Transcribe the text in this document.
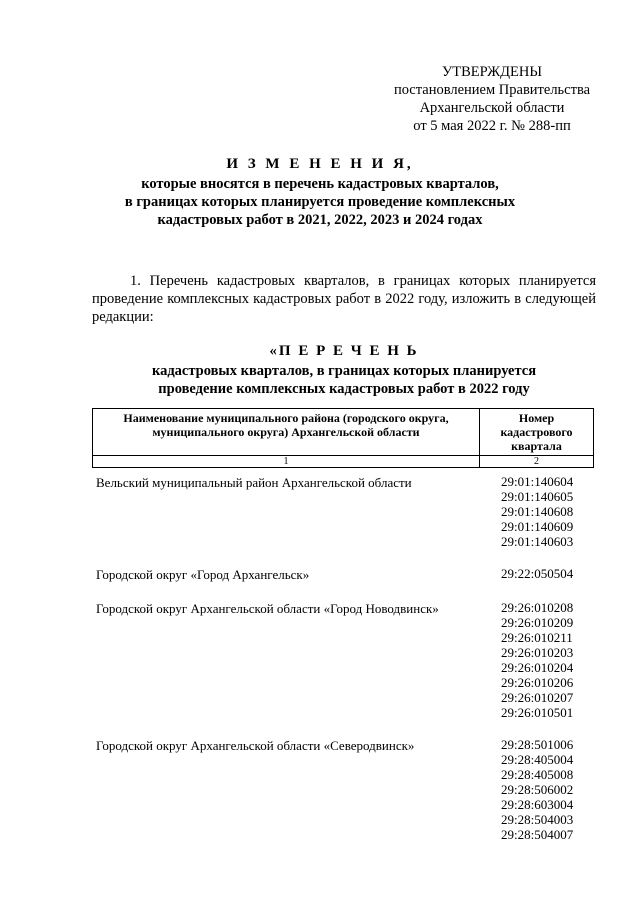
УТВЕРЖДЕНЫ
постановлением Правительства
Архангельской области
от 5 мая 2022 г. № 288-пп
И З М Е Н Е Н И Я,
которые вносятся в перечень кадастровых кварталов,
в границах которых планируется проведение комплексных
кадастровых работ в 2021, 2022, 2023 и 2024 годах
1. Перечень кадастровых кварталов, в границах которых планируется проведение комплексных кадастровых работ в 2022 году, изложить в следующей редакции:
«П Е Р Е Ч Е Н Ь
кадастровых кварталов, в границах которых планируется
проведение комплексных кадастровых работ в 2022 году
Наименование муниципального района (городского округа, муниципального округа) Архангельской области	Номер кадастрового квартала
1	2
Вельский муниципальный район Архангельской области	29:01:140604
29:01:140605
29:01:140608
29:01:140609
29:01:140603
Городской округ «Город Архангельск»	29:22:050504
Городской округ Архангельской области «Город Новодвинск»	29:26:010208
29:26:010209
29:26:010211
29:26:010203
29:26:010204
29:26:010206
29:26:010207
29:26:010501
Городской округ Архангельской области «Северодвинск»	29:28:501006
29:28:405004
29:28:405008
29:28:506002
29:28:603004
29:28:504003
29:28:504007
